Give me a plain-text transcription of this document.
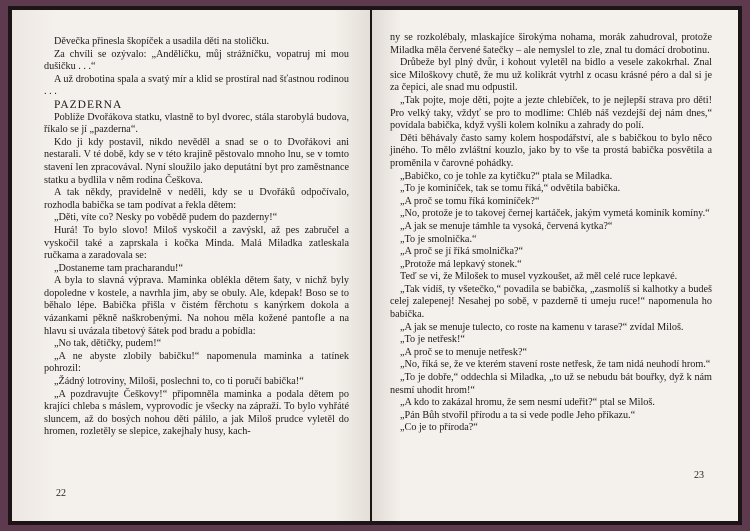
Děvečka přinesla škopíček a usadila děti na stoličku.

Za chvíli se ozývalo: „Andělíčku, můj strážníčku, vopatruj mi mou dušičku . . .“

A už drobotina spala a svatý mír a klid se prostíral nad šťastnou rodinou . . .

PAZDERNA

Poblíže Dvořákova statku, vlastně to byl dvorec, stála starobylá budova, říkalo se jí „pazderna“.

Kdo ji kdy postavil, nikdo nevěděl a snad se o to Dvořákovi ani nestarali. V té době, kdy se v této krajině pěstovalo mnoho lnu, se v tomto stavení len zpracovával. Nyní sloužilo jako deputátní byt pro zaměstnance statku a bydlila v něm rodina Češkova.

A tak někdy, pravidelně v neděli, kdy se u Dvořáků odpočívalo, rozhodla babička se tam podívat a řekla dětem:

„Děti, víte co? Nesky po vobědě pudem do pazderny!“

Hurá! To bylo slovo! Miloš vyskočil a zavýskl, až pes zabručel a vyskočil také a zaprskala i kočka Minda. Malá Miladka zatleskala ručkama a zaradovala se:

„Dostaneme tam pracharandu!“

A byla to slavná výprava. Maminka oblékla dětem šaty, v nichž byly dopoledne v kostele, a navrhla jim, aby se obuly. Ale, kdepak! Boso se to běhalo lépe. Babička přišla v čistém fěrchotu s kanýrkem dokola a vázankami pěkně naškrobenými. Na nohou měla kožené pantofle a na hlavu si uvázala tibetový šátek pod bradu a pobídla:

„No tak, dětičky, pudem!“

„A ne abyste zlobily babičku!“ napomenula maminka a tatínek pohrozil:

„Žádný lotroviny, Miloši, poslechni to, co ti poručí babička!“

„A pozdravujte Češkovy!“ připomněla maminka a podala dětem po krajíci chleba s máslem, vyprovodíc je všecky na zápraží. To bylo vyhřáté sluncem, až do bosých nohou děti pálilo, a jak Miloš prudce vyletěl do hromen, rozletěly se slepice, zakejhaly husy, kach-

22

ny se rozkolébaly, mlaskajíce širokýma nohama, morák zahudroval, protože Miladka měla červené šatečky – ale nemyslel to zle, znal tu domácí drobotinu.

Drůbeže byl plný dvůr, i kohout vyletěl na bidlo a vesele zakokrhal. Znal sice Miloškovy chutě, že mu už kolikrát vytrhl z ocasu krásné péro a dal si je za čepici, ale snad mu odpustil.

„Tak pojte, moje děti, pojte a jezte chlebíček, to je nejlepší strava pro děti! Pro velký taky, vždyť se pro to modlíme: Chléb náš vezdejší dej nám dnes,“ povídala babička, když vyšli kolem kolníku a zahrady do polí.

Děti běhávaly často samy kolem hospodářství, ale s babičkou to bylo něco jiného. To mělo zvláštní kouzlo, jako by to vše ta prostá babička posvětila a proměnila v čarovné pohádky.

„Babičko, co je tohle za kytičku?“ ptala se Miladka.

„To je kominíček, tak se tomu říká,“ odvětila babička.

„A proč se tomu říká kominíček?“

„No, protože je to takovej černej kartáček, jakým vymetá kominík komíny.“

„A jak se menuje támhle ta vysoká, červená kytka?“

„To je smolnička.“

„A proč se jí říká smolnička?“

„Protože má lepkavý stonek.“

Teď se vi, že Milošek to musel vyzkoušet, až měl celé ruce lepkavé.

„Tak vidíš, ty všetečko,“ povadila se babička, „zasmolíš si kalhotky a budeš celej zalepenej! Nesahej po sobě, v pazderně ti umeju ruce!“ napomenula ho babička.

„A jak se menuje tulecto, co roste na kamenu v tarase?“ zvídal Miloš.

„To je netřesk!“

„A proč se to menuje netřesk?“

„No, říká se, že ve kterém stavení roste netřesk, že tam nidá neuhodí hrom.“

„To je dobře,“ oddechla si Miladka, „to už se nebudu bát bouřky, dyž k nám nesmí uhodit hrom!“

„A kdo to zakázal hromu, že sem nesmí udeřit?“ ptal se Miloš.

„Pán Bůh stvořil přírodu a ta si vede podle Jeho příkazu.“

„Co je to příroda?“

23
